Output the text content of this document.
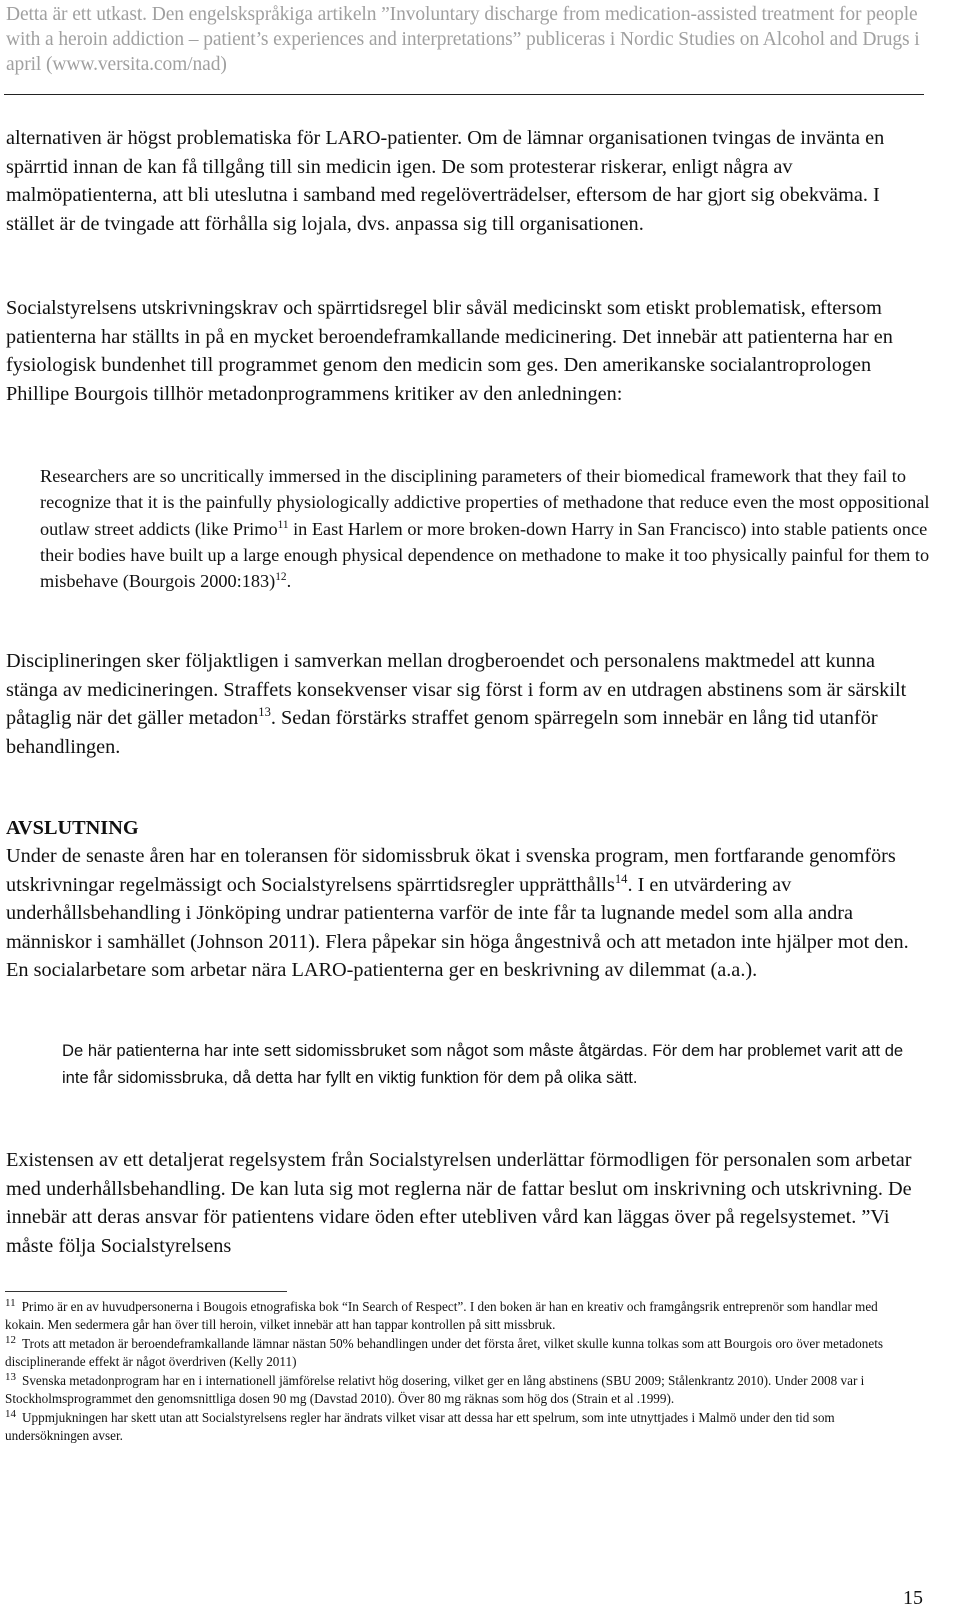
Detta är ett utkast. Den engelskspråkiga artikeln ”Involuntary discharge from medication-assisted treatment for people with a heroin addiction – patient’s experiences and interpretations” publiceras i Nordic Studies on Alcohol and Drugs i april (www.versita.com/nad)

alternativen är högst problematiska för LARO-patienter. Om de lämnar organisationen tvingas de invänta en spärrtid innan de kan få tillgång till sin medicin igen. De som protesterar riskerar, enligt några av malmöpatienterna, att bli uteslutna i samband med regelöverträdelser, eftersom de har gjort sig obekväma. I stället är de tvingade att förhålla sig lojala, dvs. anpassa sig till organisationen.

Socialstyrelsens utskrivningskrav och spärrtidsregel blir såväl medicinskt som etiskt problematisk, eftersom patienterna har ställts in på en mycket beroendeframkallande medicinering. Det innebär att patienterna har en fysiologisk bundenhet till programmet genom den medicin som ges. Den amerikanske socialantroprologen Phillipe Bourgois tillhör metadonprogrammens kritiker av den anledningen:

Researchers are so uncritically immersed in the disciplining parameters of their biomedical framework that they fail to recognize that it is the painfully physiologically addictive properties of methadone that reduce even the most oppositional outlaw street addicts (like Primo$^{11}$ in East Harlem or more broken-down Harry in San Francisco) into stable patients once their bodies have built up a large enough physical dependence on methadone to make it too physically painful for them to misbehave (Bourgois 2000:183)$^{12}$.

Disciplineringen sker följaktligen i samverkan mellan drogberoendet och personalens maktmedel att kunna stänga av medicineringen. Straffets konsekvenser visar sig först i form av en utdragen abstinens som är särskilt påtaglig när det gäller metadon$^{13}$. Sedan förstärks straffet genom spärregeln som innebär en lång tid utanför behandlingen.

AVSLUTNING

Under de senaste åren har en toleransen för sidomissbruk ökat i svenska program, men fortfarande genomförs utskrivningar regelmässigt och Socialstyrelsens spärrtidsregler upprätthålls$^{14}$. I en utvärdering av underhållsbehandling i Jönköping undrar patienterna varför de inte får ta lugnande medel som alla andra människor i samhället (Johnson 2011). Flera påpekar sin höga ångestnivå och att metadon inte hjälper mot den. En socialarbetare som arbetar nära LARO-patienterna ger en beskrivning av dilemmat (a.a.).

De här patienterna har inte sett sidomissbruket som något som måste åtgärdas. För dem har problemet varit att de inte får sidomissbruka, då detta har fyllt en viktig funktion för dem på olika sätt.

Existensen av ett detaljerat regelsystem från Socialstyrelsen underlättar förmodligen för personalen som arbetar med underhållsbehandling. De kan luta sig mot reglerna när de fattar beslut om inskrivning och utskrivning. De innebär att deras ansvar för patientens vidare öden efter utebliven vård kan läggas över på regelsystemet. ”Vi måste följa Socialstyrelsens

$^{11}$ Primo är en av huvudpersonerna i Bougois etnografiska bok “In Search of Respect”. I den boken är han en kreativ och framgångsrik entreprenör som handlar med kokain. Men sedermera går han över till heroin, vilket innebär att han tappar kontrollen på sitt missbruk.

$^{12}$ Trots att metadon är beroendeframkallande lämnar nästan 50% behandlingen under det första året, vilket skulle kunna tolkas som att Bourgois oro över metadonets disciplinerande effekt är något överdriven (Kelly 2011)

$^{13}$ Svenska metadonprogram har en i internationell jämförelse relativt hög dosering, vilket ger en lång abstinens (SBU 2009; Stålenkrantz 2010). Under 2008 var i Stockholmsprogrammet den genomsnittliga dosen 90 mg (Davstad 2010). Över 80 mg räknas som hög dos (Strain et al .1999).

$^{14}$ Uppmjukningen har skett utan att Socialstyrelsens regler har ändrats vilket visar att dessa har ett spelrum, som inte utnyttjades i Malmö under den tid som undersökningen avser.

15
